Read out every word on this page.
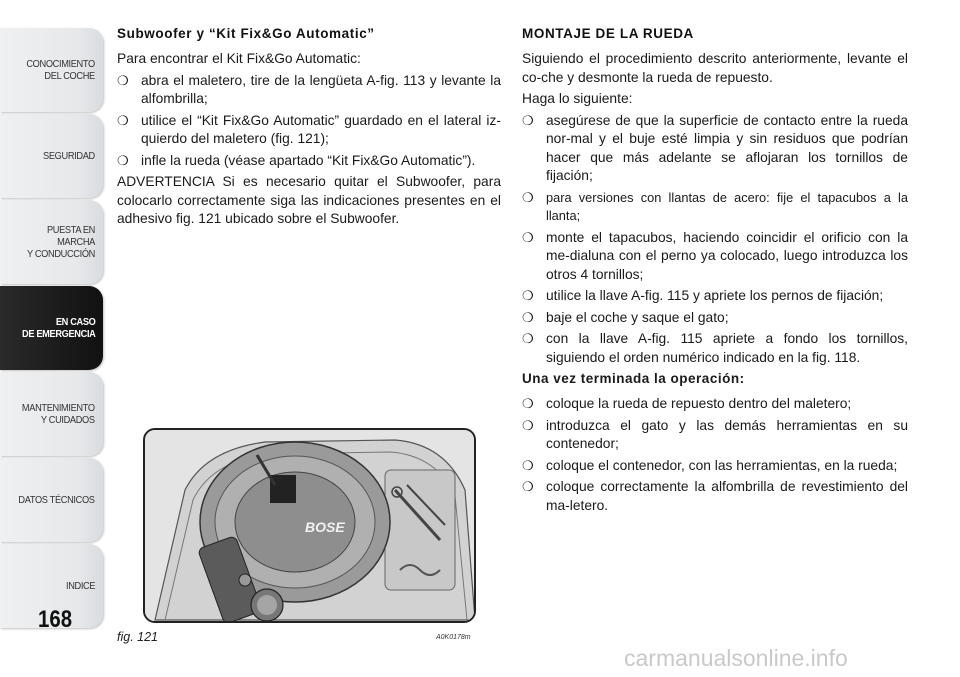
CONOCIMIENTO
DEL COCHE
SEGURIDAD
PUESTA EN MARCHA
Y CONDUCCIÓN
EN CASO
DE EMERGENCIA
MANTENIMIENTO
Y CUIDADOS
DATOS TÉCNICOS
INDICE
168
Subwoofer y “Kit Fix&Go Automatic”
Para encontrar el Kit Fix&Go Automatic:
❍ abra el maletero, tire de la lengüeta A-fig. 113 y levante la alfombrilla;
❍ utilice el “Kit Fix&Go Automatic” guardado en el lateral iz-quierdo del maletero (fig. 121);
❍ infle la rueda (véase apartado “Kit Fix&Go Automatic”).
ADVERTENCIA Si es necesario quitar el Subwoofer, para colocarlo correctamente siga las indicaciones presentes en el adhesivo fig. 121 ubicado sobre el Subwoofer.
BOSE
fig. 121	A0K0178m
MONTAJE DE LA RUEDA
Siguiendo el procedimiento descrito anteriormente, levante el co-che y desmonte la rueda de repuesto.
Haga lo siguiente:
❍ asegúrese de que la superficie de contacto entre la rueda nor-mal y el buje esté limpia y sin residuos que podrían hacer que más adelante se aflojaran los tornillos de fijación;
❍ para versiones con llantas de acero: fije el tapacubos a la llanta;
❍ monte el tapacubos, haciendo coincidir el orificio con la me-dialuna con el perno ya colocado, luego introduzca los otros 4 tornillos;
❍ utilice la llave A-fig. 115 y apriete los pernos de fijación;
❍ baje el coche y saque el gato;
❍ con la llave A-fig. 115 apriete a fondo los tornillos, siguiendo el orden numérico indicado en la fig. 118.
Una vez terminada la operación:
❍ coloque la rueda de repuesto dentro del maletero;
❍ introduzca el gato y las demás herramientas en su contenedor;
❍ coloque el contenedor, con las herramientas, en la rueda;
❍ coloque correctamente la alfombrilla de revestimiento del ma-letero.
carmanualsonline.info
